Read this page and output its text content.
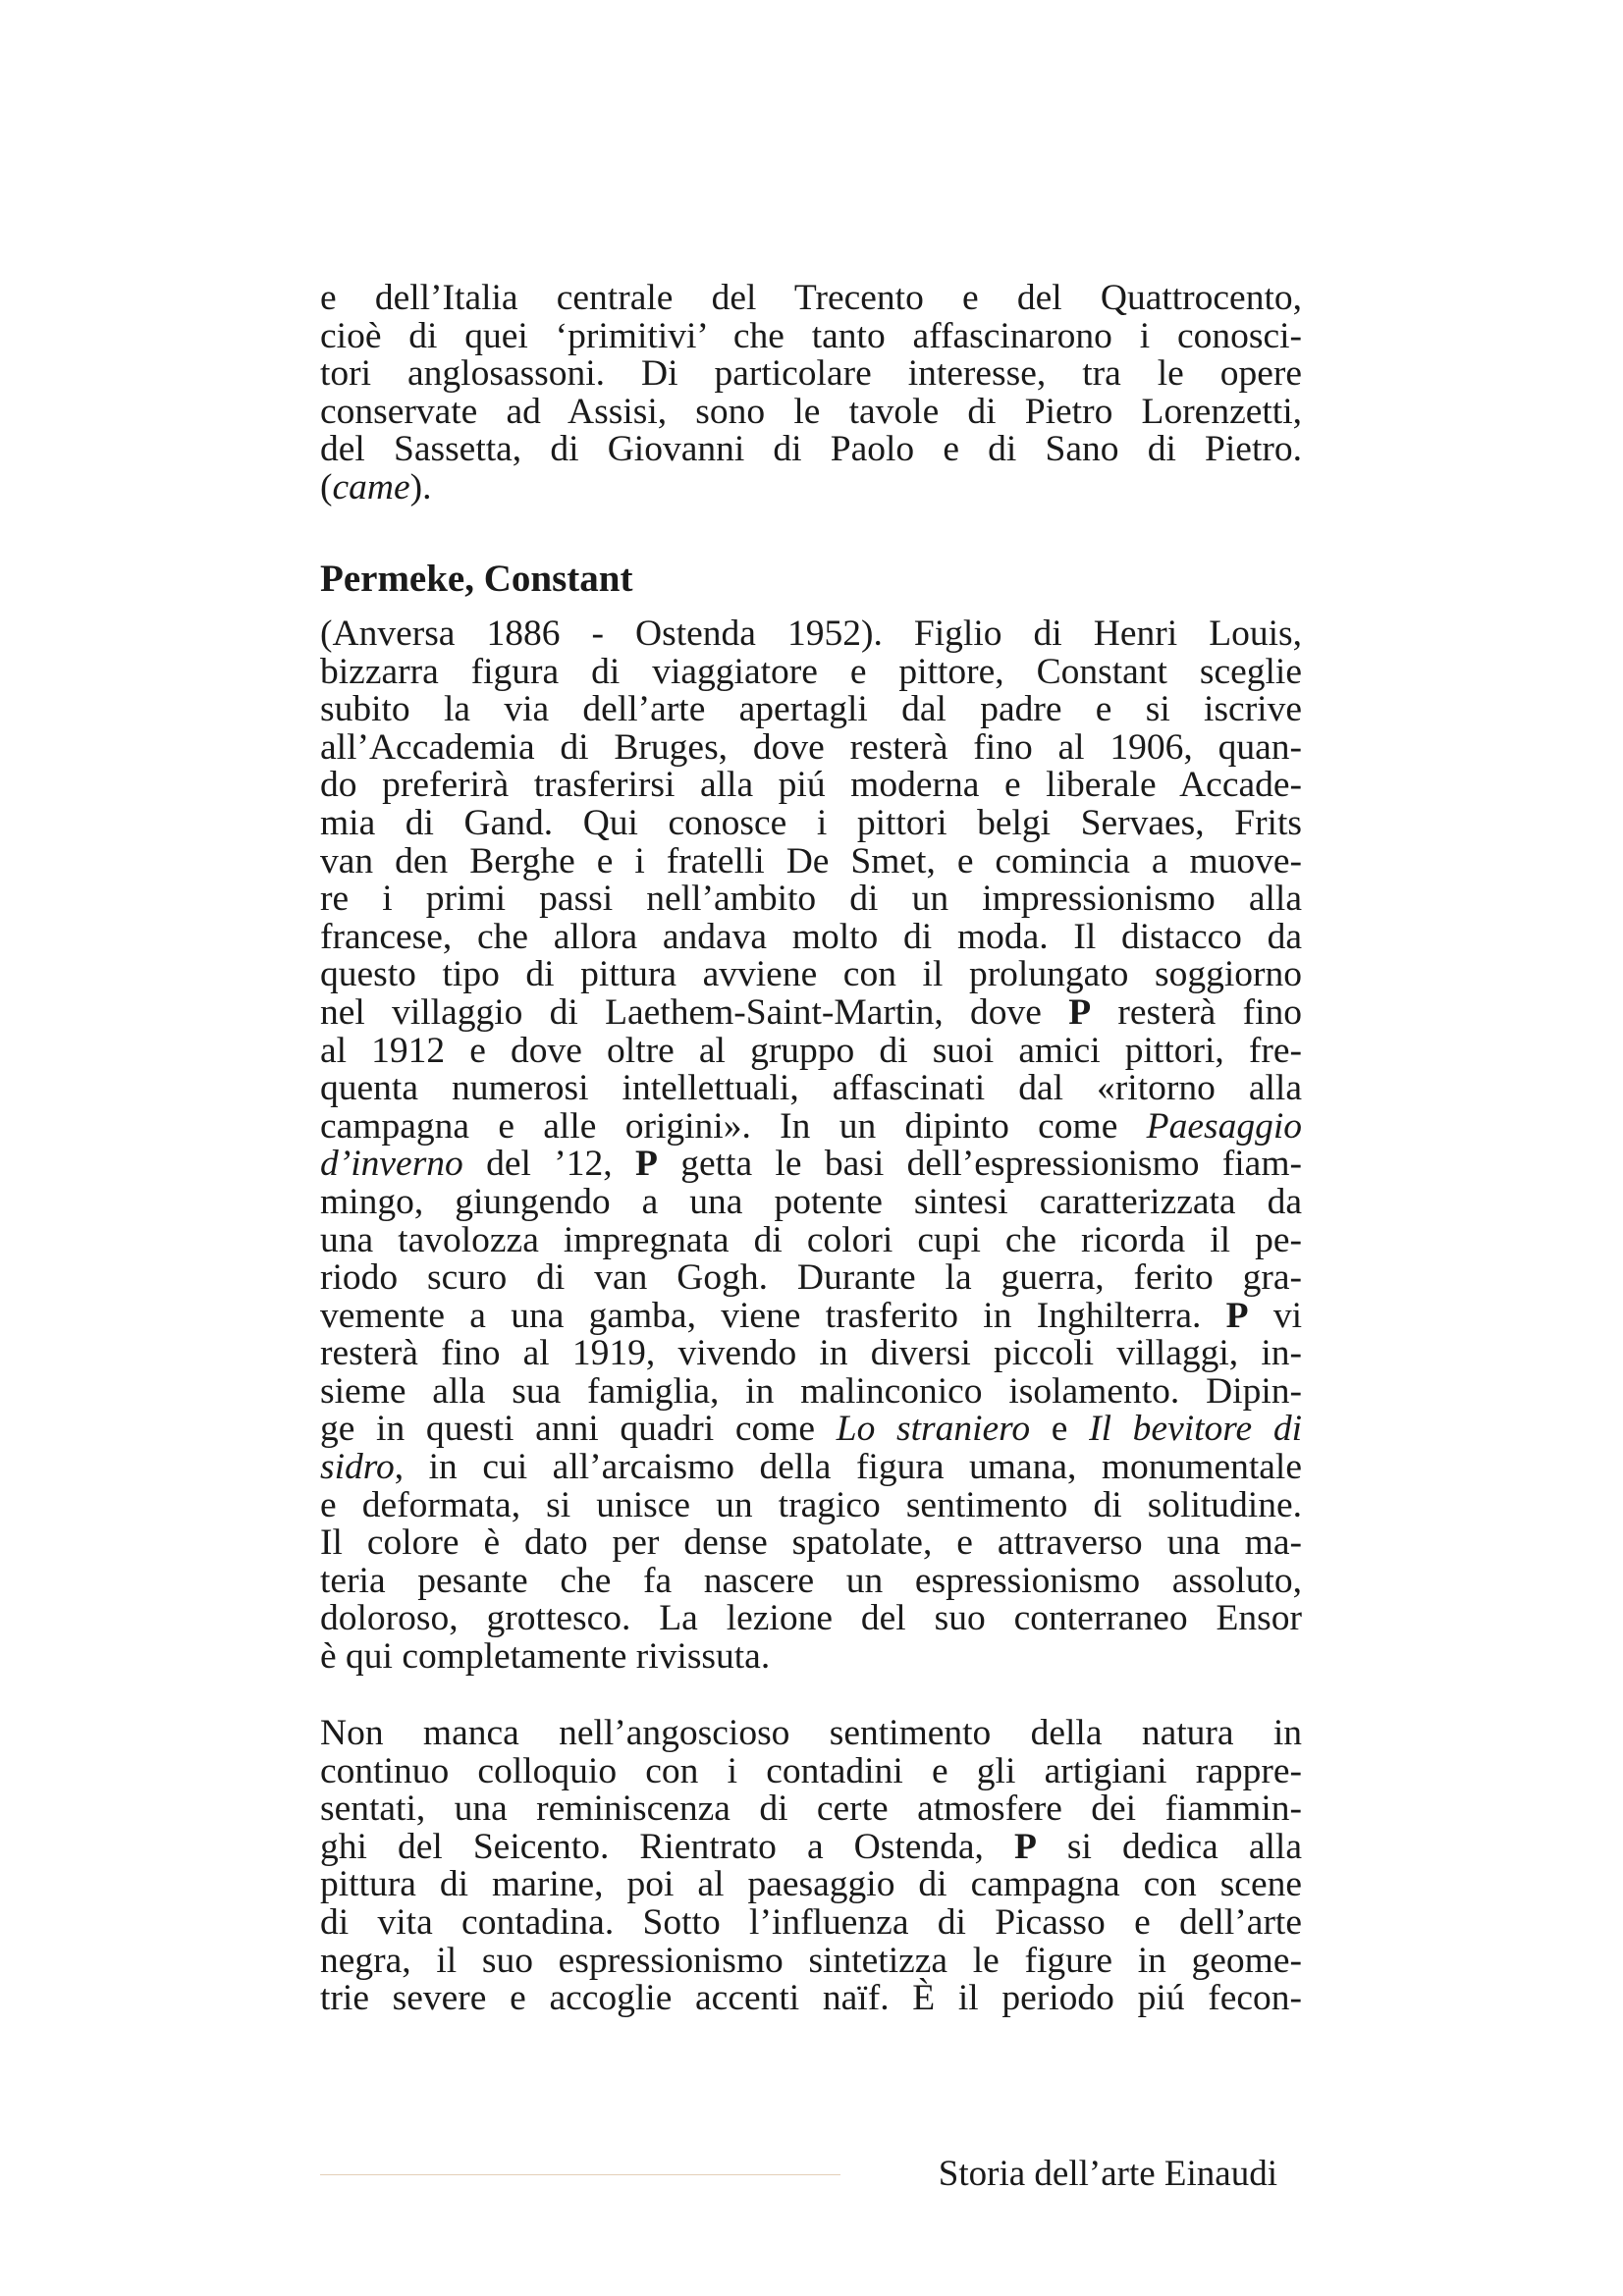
e dell’Italia centrale del Trecento e del Quattrocento,
cioè di quei ‘primitivi’ che tanto affascinarono i conosci-
tori anglosassoni. Di particolare interesse, tra le opere
conservate ad Assisi, sono le tavole di Pietro Lorenzetti,
del Sassetta, di Giovanni di Paolo e di Sano di Pietro.
(came).
Permeke, Constant
(Anversa 1886 - Ostenda 1952). Figlio di Henri Louis,
bizzarra figura di viaggiatore e pittore, Constant sceglie
subito la via dell’arte apertagli dal padre e si iscrive
all’Accademia di Bruges, dove resterà fino al 1906, quan-
do preferirà trasferirsi alla piú moderna e liberale Accade-
mia di Gand. Qui conosce i pittori belgi Servaes, Frits
van den Berghe e i fratelli De Smet, e comincia a muove-
re i primi passi nell’ambito di un impressionismo alla
francese, che allora andava molto di moda. Il distacco da
questo tipo di pittura avviene con il prolungato soggiorno
nel villaggio di Laethem-Saint-Martin, dove P resterà fino
al 1912 e dove oltre al gruppo di suoi amici pittori, fre-
quenta numerosi intellettuali, affascinati dal «ritorno alla
campagna e alle origini». In un dipinto come Paesaggio
d’inverno del ’12, P getta le basi dell’espressionismo fiam-
mingo, giungendo a una potente sintesi caratterizzata da
una tavolozza impregnata di colori cupi che ricorda il pe-
riodo scuro di van Gogh. Durante la guerra, ferito gra-
vemente a una gamba, viene trasferito in Inghilterra. P vi
resterà fino al 1919, vivendo in diversi piccoli villaggi, in-
sieme alla sua famiglia, in malinconico isolamento. Dipin-
ge in questi anni quadri come Lo straniero e Il bevitore di
sidro, in cui all’arcaismo della figura umana, monumentale
e deformata, si unisce un tragico sentimento di solitudine.
Il colore è dato per dense spatolate, e attraverso una ma-
teria pesante che fa nascere un espressionismo assoluto,
doloroso, grottesco. La lezione del suo conterraneo Ensor
è qui completamente rivissuta.
Non manca nell’angoscioso sentimento della natura in
continuo colloquio con i contadini e gli artigiani rappre-
sentati, una reminiscenza di certe atmosfere dei fiammin-
ghi del Seicento. Rientrato a Ostenda, P si dedica alla
pittura di marine, poi al paesaggio di campagna con scene
di vita contadina. Sotto l’influenza di Picasso e dell’arte
negra, il suo espressionismo sintetizza le figure in geome-
trie severe e accoglie accenti naïf. È il periodo piú fecon-
Storia dell’arte Einaudi
